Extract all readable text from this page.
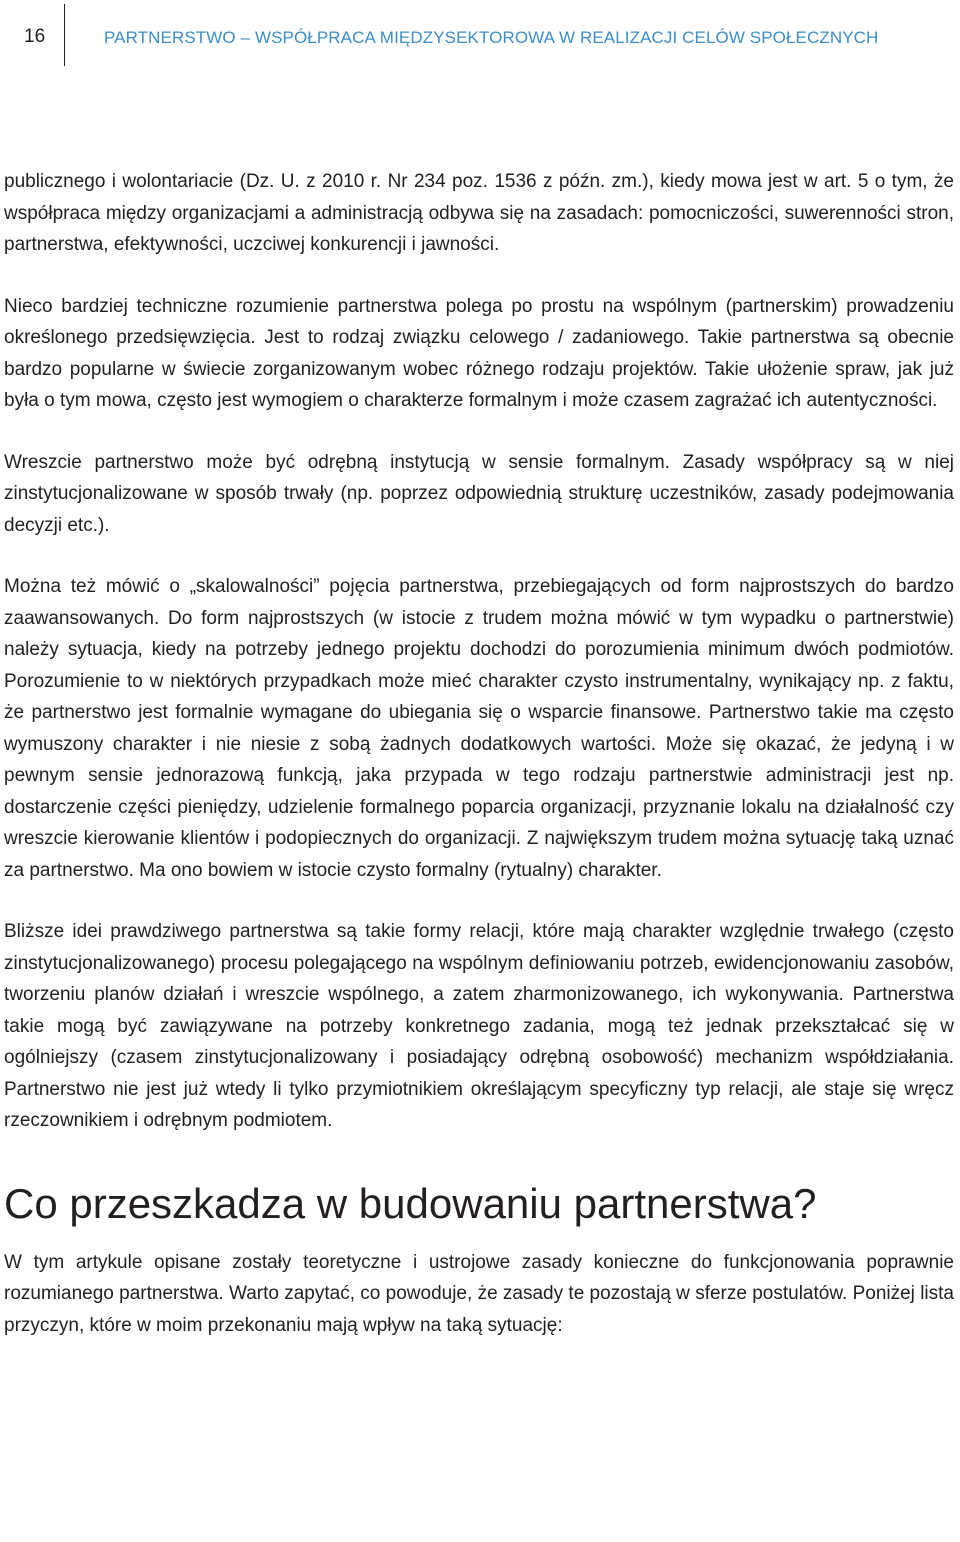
16	PARTNERSTWO – WSPÓŁPRACA MIĘDZYSEKTOROWA W REALIZACJI CELÓW SPOŁECZNYCH

publicznego i wolontariacie (Dz. U. z 2010 r. Nr 234 poz. 1536 z późn. zm.), kiedy mowa jest w art. 5 o tym, że współpraca między organizacjami a administracją odbywa się na zasadach: pomocniczości, suwerenności stron, partnerstwa, efektywności, uczciwej konkurencji i jawności.

Nieco bardziej techniczne rozumienie partnerstwa polega po prostu na wspólnym (partnerskim) prowadzeniu określonego przedsięwzięcia. Jest to rodzaj związku celowego / zadaniowego. Takie partnerstwa są obecnie bardzo popularne w świecie zorganizowanym wobec różnego rodzaju projektów. Takie ułożenie spraw, jak już była o tym mowa, często jest wymogiem o charakterze formalnym i może czasem zagrażać ich autentyczności.

Wreszcie partnerstwo może być odrębną instytucją w sensie formalnym. Zasady współpracy są w niej zinstytucjonalizowane w sposób trwały (np. poprzez odpowiednią strukturę uczestników, zasady podejmowania decyzji etc.).

Można też mówić o „skalowalności” pojęcia partnerstwa, przebiegających od form najprostszych do bardzo zaawansowanych. Do form najprostszych (w istocie z trudem można mówić w tym wypadku o partnerstwie) należy sytuacja, kiedy na potrzeby jednego projektu dochodzi do porozumienia minimum dwóch podmiotów. Porozumienie to w niektórych przypadkach może mieć charakter czysto instrumentalny, wynikający np. z faktu, że partnerstwo jest formalnie wymagane do ubiegania się o wsparcie finansowe. Partnerstwo takie ma często wymuszony charakter i nie niesie z sobą żadnych dodatkowych wartości. Może się okazać, że jedyną i w pewnym sensie jednorazową funkcją, jaka przypada w tego rodzaju partnerstwie administracji jest np. dostarczenie części pieniędzy, udzielenie formalnego poparcia organizacji, przyznanie lokalu na działalność czy wreszcie kierowanie klientów i podopiecznych do organizacji. Z największym trudem można sytuację taką uznać za partnerstwo. Ma ono bowiem w istocie czysto formalny (rytualny) charakter.

Bliższe idei prawdziwego partnerstwa są takie formy relacji, które mają charakter względnie trwałego (często zinstytucjonalizowanego) procesu polegającego na wspólnym definiowaniu potrzeb, ewidencjonowaniu zasobów, tworzeniu planów działań i wreszcie wspólnego, a zatem zharmonizowanego, ich wykonywania. Partnerstwa takie mogą być zawiązywane na potrzeby konkretnego zadania, mogą też jednak przekształcać się w ogólniejszy (czasem zinstytucjonalizowany i posiadający odrębną osobowość) mechanizm współdziałania. Partnerstwo nie jest już wtedy li tylko przymiotnikiem określającym specyficzny typ relacji, ale staje się wręcz rzeczownikiem i odrębnym podmiotem.

Co przeszkadza w budowaniu partnerstwa?

W tym artykule opisane zostały teoretyczne i ustrojowe zasady konieczne do funkcjonowania poprawnie rozumianego partnerstwa. Warto zapytać, co powoduje, że zasady te pozostają w sferze postulatów. Poniżej lista przyczyn, które w moim przekonaniu mają wpływ na taką sytuację:
